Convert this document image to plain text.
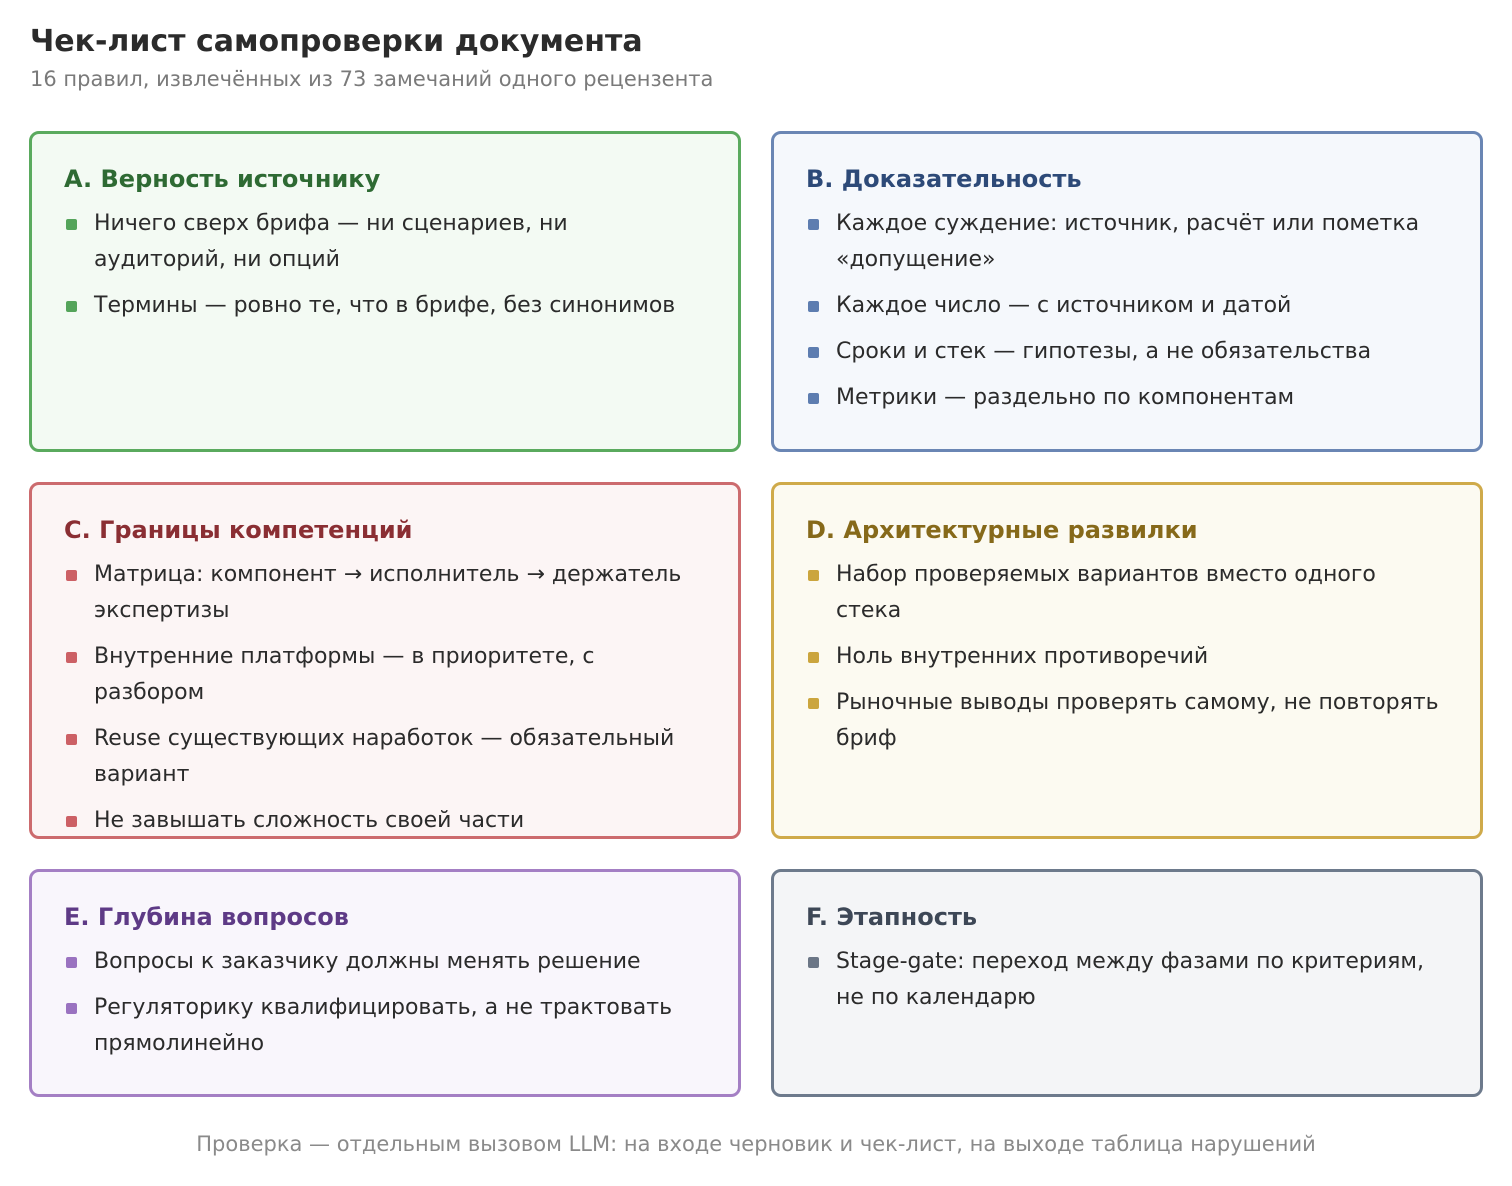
Чек-лист самопроверки документа
16 правил, извлечённых из 73 замечаний одного рецензента
A. Верность источнику
Ничего сверх брифа — ни сценариев, ни аудиторий, ни опций
Термины — ровно те, что в брифе, без синонимов
B. Доказательность
Каждое суждение: источник, расчёт или пометка «допущение»
Каждое число — с источником и датой
Сроки и стек — гипотезы, а не обязательства
Метрики — раздельно по компонентам
C. Границы компетенций
Матрица: компонент → исполнитель → держатель экспертизы
Внутренние платформы — в приоритете, с разбором
Reuse существующих наработок — обязательный вариант
Не завышать сложность своей части
D. Архитектурные развилки
Набор проверяемых вариантов вместо одного стека
Ноль внутренних противоречий
Рыночные выводы проверять самому, не повторять бриф
E. Глубина вопросов
Вопросы к заказчику должны менять решение
Регуляторику квалифицировать, а не трактовать прямолинейно
F. Этапность
Stage-gate: переход между фазами по критериям, не по календарю
Проверка — отдельным вызовом LLM: на входе черновик и чек-лист, на выходе таблица нарушений
